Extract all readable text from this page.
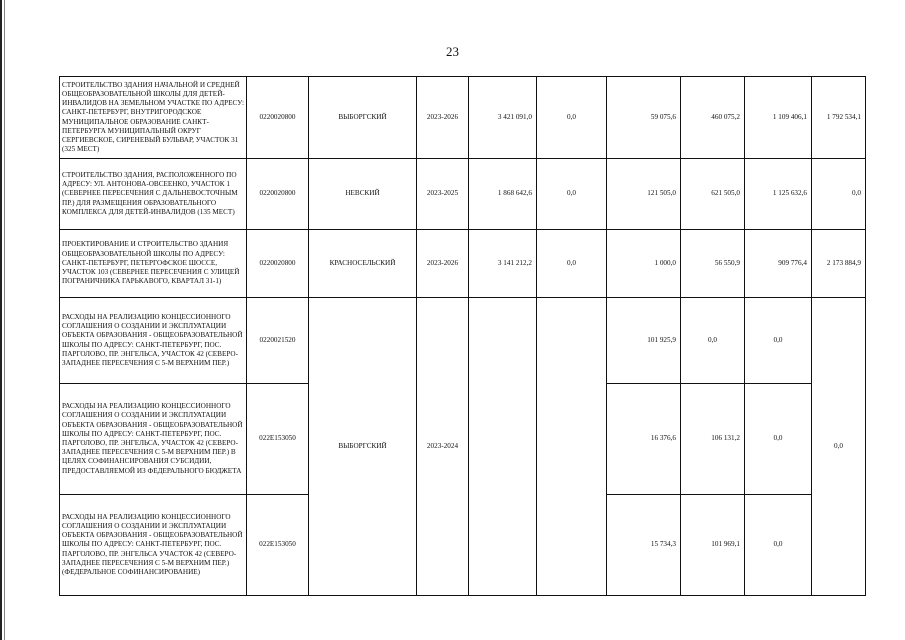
23
СТРОИТЕЛЬСТВО ЗДАНИЯ НАЧАЛЬНОЙ И СРЕДНЕЙ ОБЩЕОБРАЗОВАТЕЛЬНОЙ ШКОЛЫ ДЛЯ ДЕТЕЙ-ИНВАЛИДОВ НА ЗЕМЕЛЬНОМ УЧАСТКЕ ПО АДРЕСУ: САНКТ-ПЕТЕРБУРГ, ВНУТРИГОРОДСКОЕ МУНИЦИПАЛЬНОЕ ОБРАЗОВАНИЕ САНКТ-ПЕТЕРБУРГА МУНИЦИПАЛЬНЫЙ ОКРУГ СЕРГИЕВСКОЕ, СИРЕНЕВЫЙ БУЛЬВАР, УЧАСТОК 31 (325 МЕСТ)	0220020800	ВЫБОРГСКИЙ	2023-2026	3 421 091,0	0,0	59 075,6	460 075,2	1 109 406,1	1 792 534,1
СТРОИТЕЛЬСТВО ЗДАНИЯ, РАСПОЛОЖЕННОГО ПО АДРЕСУ: УЛ. АНТОНОВА-ОВСЕЕНКО, УЧАСТОК 1 (СЕВЕРНЕЕ ПЕРЕСЕЧЕНИЯ С ДАЛЬНЕВОСТОЧНЫМ ПР.) ДЛЯ РАЗМЕЩЕНИЯ ОБРАЗОВАТЕЛЬНОГО КОМПЛЕКСА ДЛЯ ДЕТЕЙ-ИНВАЛИДОВ (135 МЕСТ)	0220020800	НЕВСКИЙ	2023-2025	1 868 642,6	0,0	121 505,0	621 505,0	1 125 632,6	0,0
ПРОЕКТИРОВАНИЕ И СТРОИТЕЛЬСТВО ЗДАНИЯ ОБЩЕОБРАЗОВАТЕЛЬНОЙ ШКОЛЫ ПО АДРЕСУ: САНКТ-ПЕТЕРБУРГ, ПЕТЕРГОФСКОЕ ШОССЕ, УЧАСТОК 103 (СЕВЕРНЕЕ ПЕРЕСЕЧЕНИЯ С УЛИЦЕЙ ПОГРАНИЧНИКА ГАРЬКАВОГО, КВАРТАЛ 31-1)	0220020800	КРАСНОСЕЛЬСКИЙ	2023-2026	3 141 212,2	0,0	1 000,0	56 550,9	909 776,4	2 173 884,9
РАСХОДЫ НА РЕАЛИЗАЦИЮ КОНЦЕССИОННОГО СОГЛАШЕНИЯ О СОЗДАНИИ И ЭКСПЛУАТАЦИИ ОБЪЕКТА ОБРАЗОВАНИЯ - ОБЩЕОБРАЗОВАТЕЛЬНОЙ ШКОЛЫ ПО АДРЕСУ: САНКТ-ПЕТЕРБУРГ, ПОС. ПАРГОЛОВО, ПР. ЭНГЕЛЬСА, УЧАСТОК 42 (СЕВЕРО-ЗАПАДНЕЕ ПЕРЕСЕЧЕНИЯ С 5-М ВЕРХНИМ ПЕР.)	0220021520	ВЫБОРГСКИЙ	2023-2024			101 925,9	0,0	0,0	0,0
РАСХОДЫ НА РЕАЛИЗАЦИЮ КОНЦЕССИОННОГО СОГЛАШЕНИЯ О СОЗДАНИИ И ЭКСПЛУАТАЦИИ ОБЪЕКТА ОБРАЗОВАНИЯ - ОБЩЕОБРАЗОВАТЕЛЬНОЙ ШКОЛЫ ПО АДРЕСУ: САНКТ-ПЕТЕРБУРГ, ПОС. ПАРГОЛОВО, ПР. ЭНГЕЛЬСА, УЧАСТОК 42 (СЕВЕРО-ЗАПАДНЕЕ ПЕРЕСЕЧЕНИЯ С 5-М ВЕРХНИМ ПЕР.) В ЦЕЛЯХ СОФИНАНСИРОВАНИЯ СУБСИДИИ, ПРЕДОСТАВЛЯЕМОЙ ИЗ ФЕДЕРАЛЬНОГО БЮДЖЕТА	022E153050					16 376,6	106 131,2	0,0	
РАСХОДЫ НА РЕАЛИЗАЦИЮ КОНЦЕССИОННОГО СОГЛАШЕНИЯ О СОЗДАНИИ И ЭКСПЛУАТАЦИИ ОБЪЕКТА ОБРАЗОВАНИЯ - ОБЩЕОБРАЗОВАТЕЛЬНОЙ ШКОЛЫ ПО АДРЕСУ: САНКТ-ПЕТЕРБУРГ, ПОС. ПАРГОЛОВО, ПР. ЭНГЕЛЬСА УЧАСТОК 42 (СЕВЕРО-ЗАПАДНЕЕ ПЕРЕСЕЧЕНИЯ С 5-М ВЕРХНИМ ПЕР.) (ФЕДЕРАЛЬНОЕ СОФИНАНСИРОВАНИЕ)	022E153050					15 734,3	101 969,1	0,0	
